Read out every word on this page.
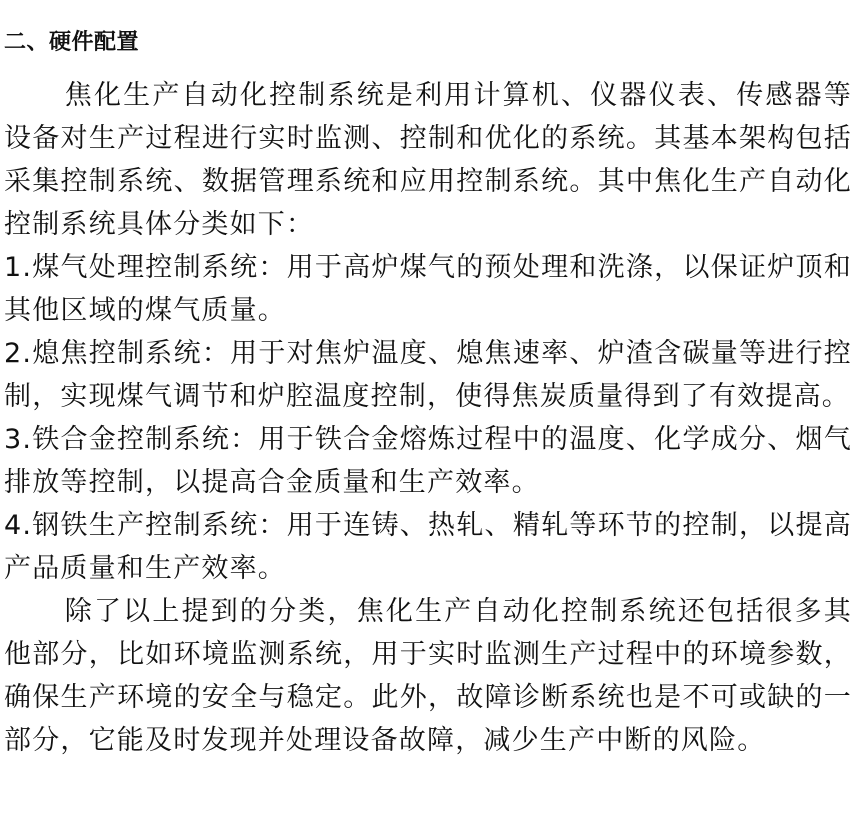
二、硬件配置

焦化生产自动化控制系统是利用计算机、仪器仪表、传感器等设备对生产过程进行实时监测、控制和优化的系统。其基本架构包括采集控制系统、数据管理系统和应用控制系统。其中焦化生产自动化控制系统具体分类如下：

1.煤气处理控制系统：用于高炉煤气的预处理和洗涤，以保证炉顶和其他区域的煤气质量。

2.熄焦控制系统：用于对焦炉温度、熄焦速率、炉渣含碳量等进行控制，实现煤气调节和炉腔温度控制，使得焦炭质量得到了有效提高。

3.铁合金控制系统：用于铁合金熔炼过程中的温度、化学成分、烟气排放等控制，以提高合金质量和生产效率。

4.钢铁生产控制系统：用于连铸、热轧、精轧等环节的控制，以提高产品质量和生产效率。

除了以上提到的分类，焦化生产自动化控制系统还包括很多其他部分，比如环境监测系统，用于实时监测生产过程中的环境参数，确保生产环境的安全与稳定。此外，故障诊断系统也是不可或缺的一部分，它能及时发现并处理设备故障，减少生产中断的风险。
